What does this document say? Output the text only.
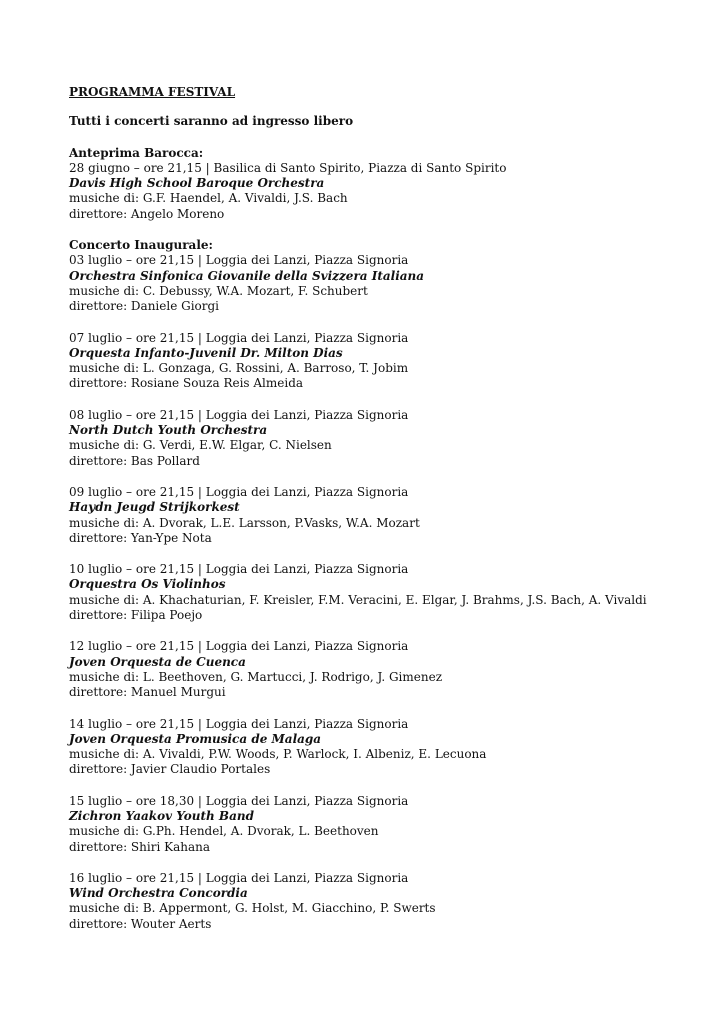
PROGRAMMA FESTIVAL
Tutti i concerti saranno ad ingresso libero
Anteprima Barocca:
28 giugno – ore 21,15 | Basilica di Santo Spirito, Piazza di Santo Spirito
Davis High School Baroque Orchestra
musiche di: G.F. Haendel, A. Vivaldi, J.S. Bach
direttore: Angelo Moreno
Concerto Inaugurale:
03 luglio – ore 21,15 | Loggia dei Lanzi, Piazza Signoria
Orchestra Sinfonica Giovanile della Svizzera Italiana
musiche di: C. Debussy, W.A. Mozart, F. Schubert
direttore: Daniele Giorgi
07 luglio – ore 21,15 | Loggia dei Lanzi, Piazza Signoria
Orquesta Infanto-Juvenil Dr. Milton Dias
musiche di: L. Gonzaga, G. Rossini, A. Barroso, T. Jobim
direttore: Rosiane Souza Reis Almeida
08 luglio – ore 21,15 | Loggia dei Lanzi, Piazza Signoria
North Dutch Youth Orchestra
musiche di: G. Verdi, E.W. Elgar, C. Nielsen
direttore: Bas Pollard
09 luglio – ore 21,15 | Loggia dei Lanzi, Piazza Signoria
Haydn Jeugd Strijkorkest
musiche di: A. Dvorak, L.E. Larsson, P.Vasks, W.A. Mozart
direttore: Yan-Ype Nota
10 luglio – ore 21,15 | Loggia dei Lanzi, Piazza Signoria
Orquestra Os Violinhos
musiche di: A. Khachaturian, F. Kreisler, F.M. Veracini, E. Elgar, J. Brahms, J.S. Bach, A. Vivaldi
direttore: Filipa Poejo
12 luglio – ore 21,15 | Loggia dei Lanzi, Piazza Signoria
Joven Orquesta de Cuenca
musiche di: L. Beethoven, G. Martucci, J. Rodrigo, J. Gimenez
direttore: Manuel Murgui
14 luglio – ore 21,15 | Loggia dei Lanzi, Piazza Signoria
Joven Orquesta Promusica de Malaga
musiche di: A. Vivaldi, P.W. Woods, P. Warlock, I. Albeniz, E. Lecuona
direttore: Javier Claudio Portales
15 luglio – ore 18,30 | Loggia dei Lanzi, Piazza Signoria
Zichron Yaakov Youth Band
musiche di: G.Ph. Hendel, A. Dvorak, L. Beethoven
direttore: Shiri Kahana
16 luglio – ore 21,15 | Loggia dei Lanzi, Piazza Signoria
Wind Orchestra Concordia
musiche di: B. Appermont, G. Holst, M. Giacchino, P. Swerts
direttore: Wouter Aerts
